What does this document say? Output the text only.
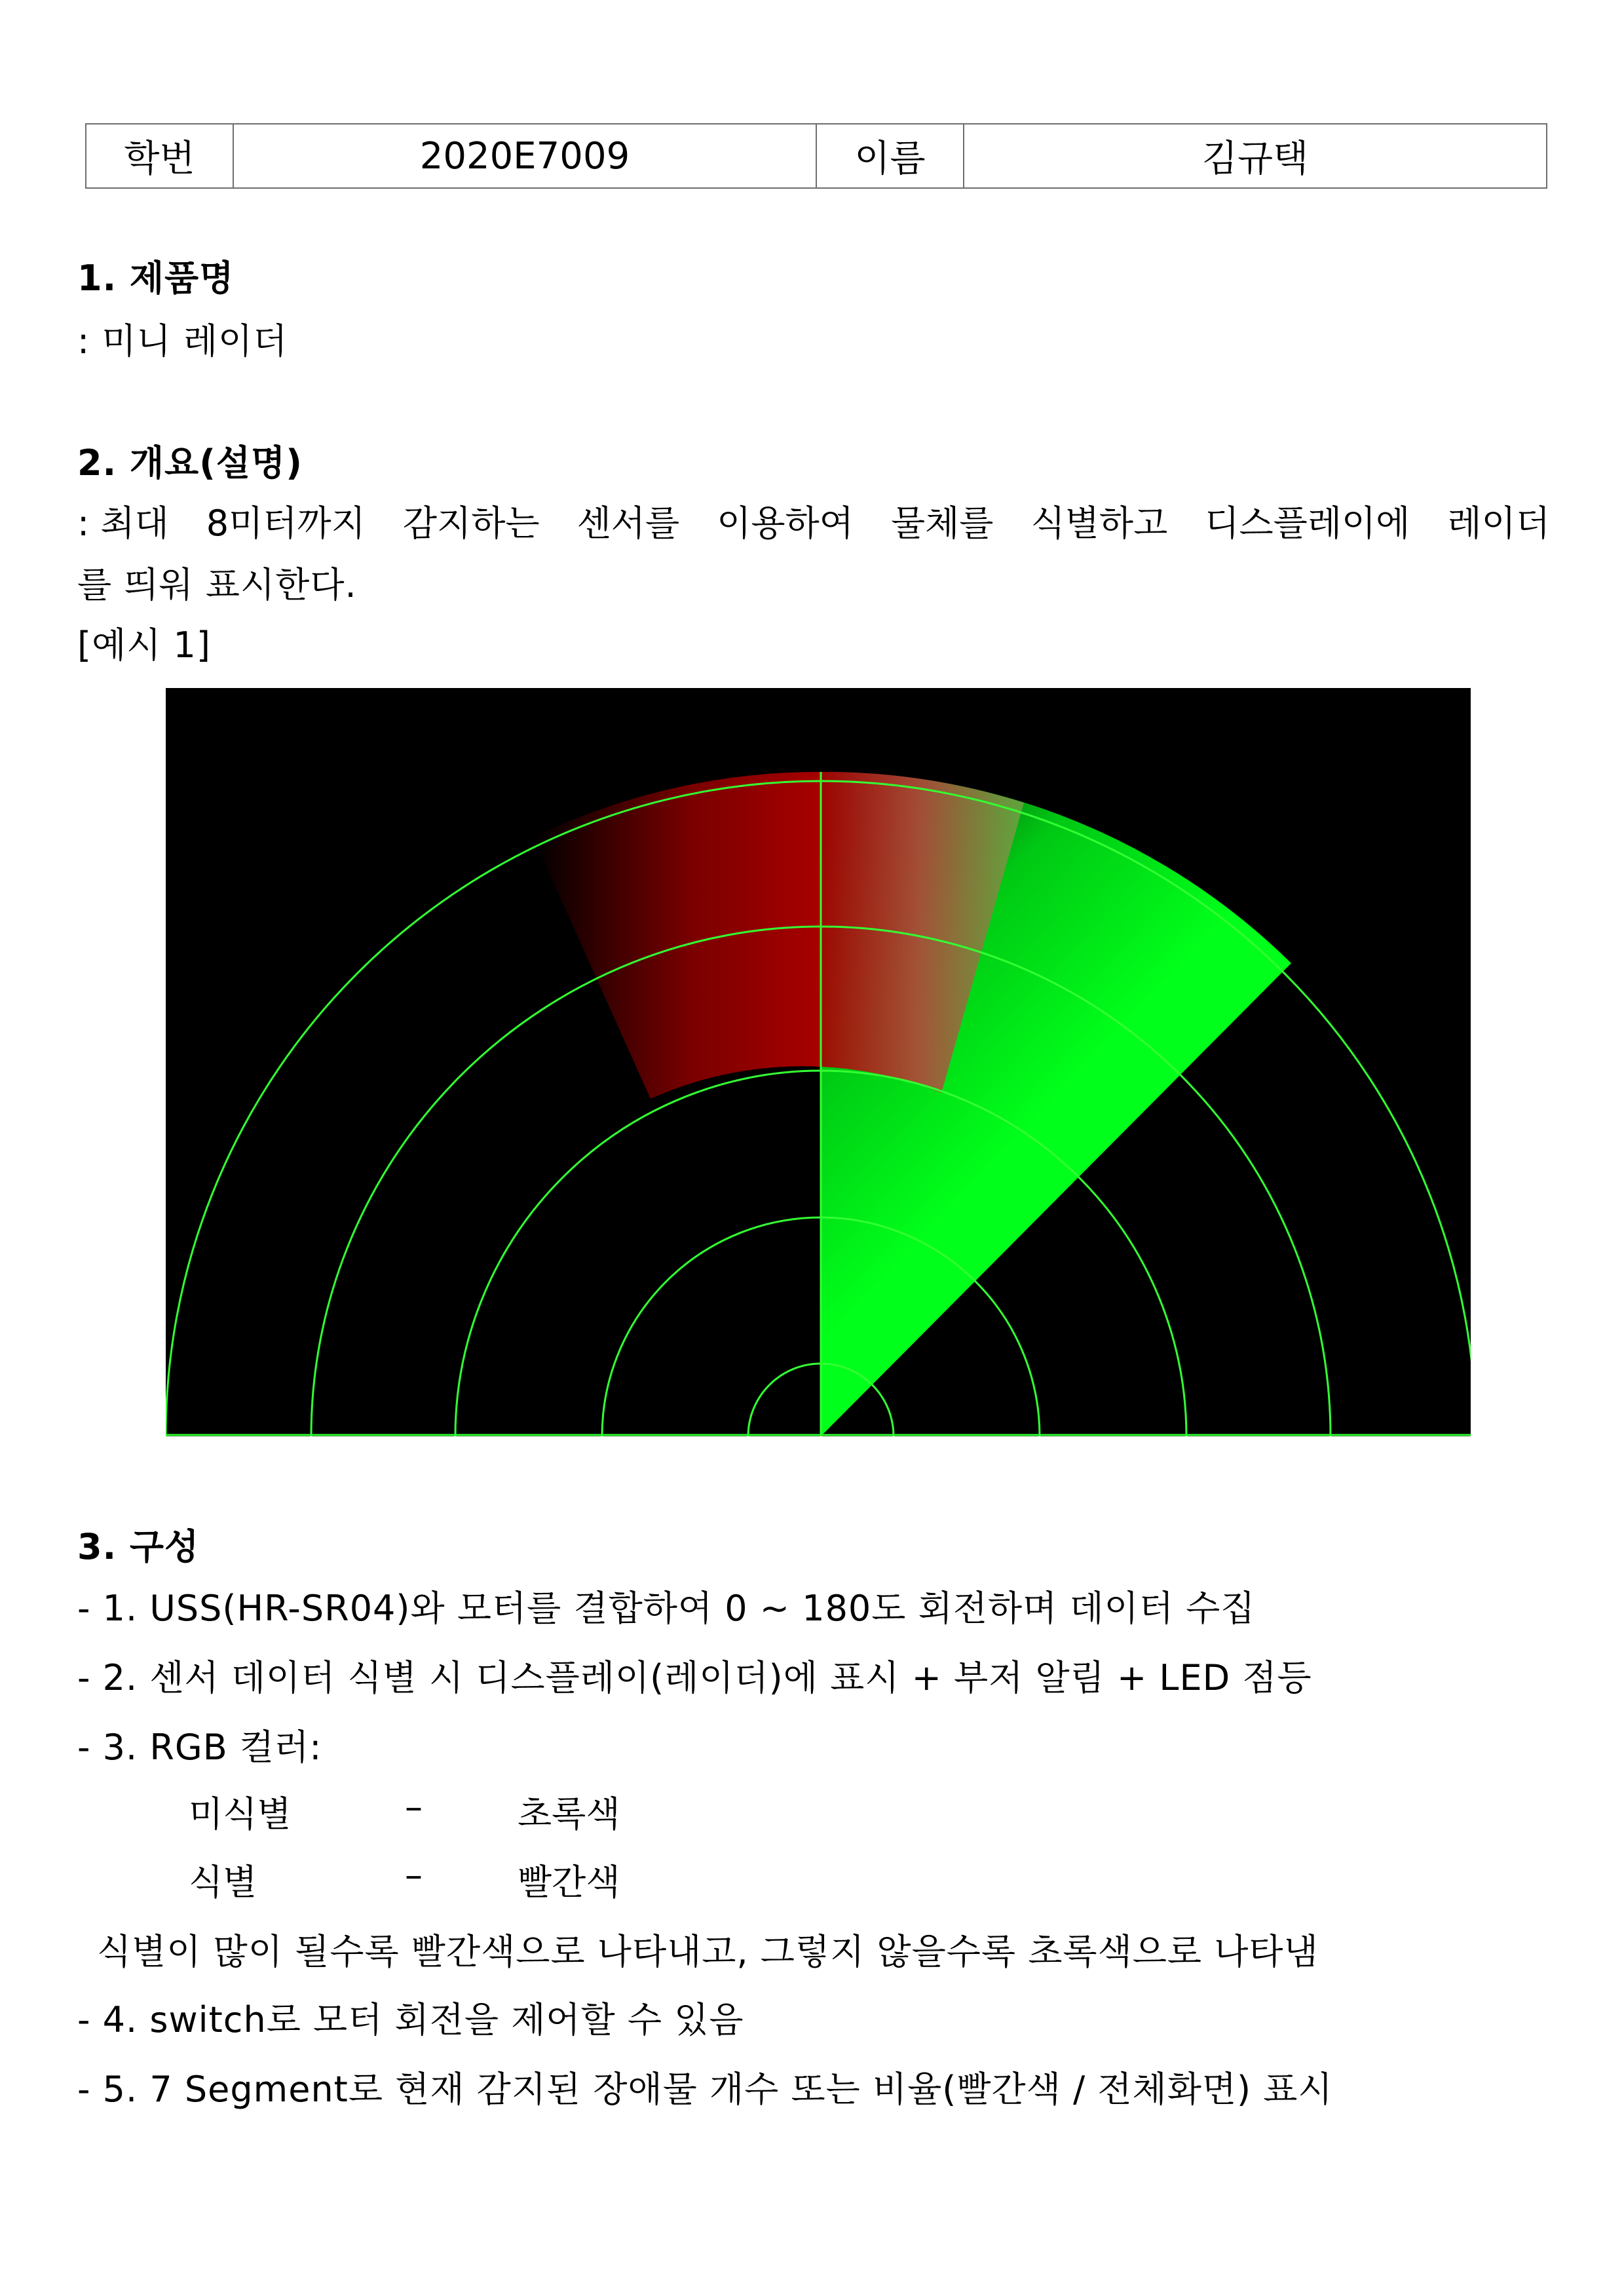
학번	2020E7009	이름	김규택
1. 제품명
: 미니 레이더
2. 개요(설명)
: 최대 8미터까지 감지하는 센서를 이용하여 물체를 식별하고 디스플레이에 레이더
를 띄워 표시한다.
[예시 1]
3. 구성
- 1. USS(HR-SR04)와 모터를 결합하여 0 ~ 180도 회전하며 데이터 수집
- 2. 센서 데이터 식별 시 디스플레이(레이더)에 표시 + 부저 알림 + LED 점등
- 3. RGB 컬러:
미식별	–	초록색
식별	–	빨간색
식별이 많이 될수록 빨간색으로 나타내고, 그렇지 않을수록 초록색으로 나타냄
- 4. switch로 모터 회전을 제어할 수 있음
- 5. 7 Segment로 현재 감지된 장애물 개수 또는 비율(빨간색 / 전체화면) 표시
